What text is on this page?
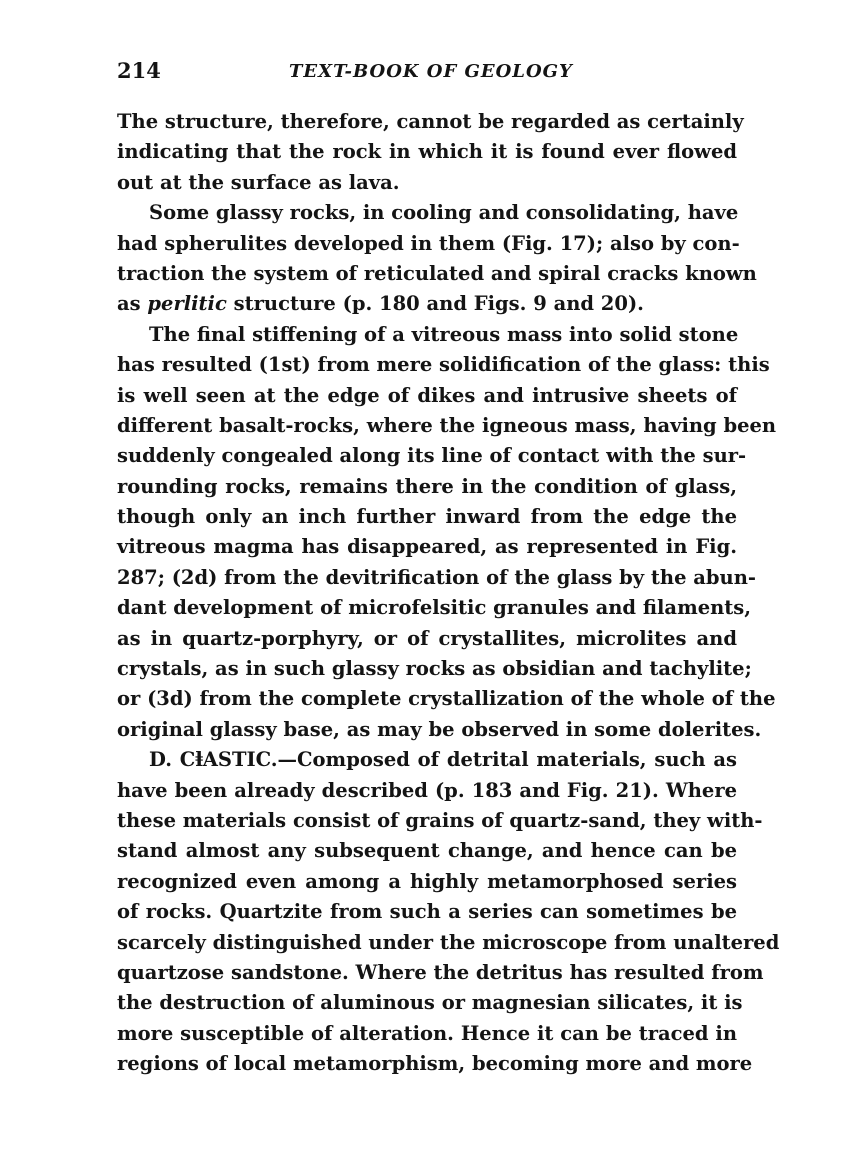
214	TEXT-BOOK OF GEOLOGY
The structure, therefore, cannot be regarded as certainly
indicating that the rock in which it is found ever flowed
out at the surface as lava.
Some glassy rocks, in cooling and consolidating, have
had spherulites developed in them (Fig. 17); also by con-
traction the system of reticulated and spiral cracks known
as perlitic structure (p. 180 and Figs. 9 and 20).
The final stiffening of a vitreous mass into solid stone
has resulted (1st) from mere solidification of the glass: this
is well seen at the edge of dikes and intrusive sheets of
different basalt-rocks, where the igneous mass, having been
suddenly congealed along its line of contact with the sur-
rounding rocks, remains there in the condition of glass,
though only an inch further inward from the edge the
vitreous magma has disappeared, as represented in Fig.
287; (2d) from the devitrification of the glass by the abun-
dant development of microfelsitic granules and filaments,
as in quartz-porphyry, or of crystallites, microlites and
crystals, as in such glassy rocks as obsidian and tachylite;
or (3d) from the complete crystallization of the whole of the
original glassy base, as may be observed in some dolerites.
D. CⱡASTIC.—Composed of detrital materials, such as
have been already described (p. 183 and Fig. 21). Where
these materials consist of grains of quartz-sand, they with-
stand almost any subsequent change, and hence can be
recognized even among a highly metamorphosed series
of rocks. Quartzite from such a series can sometimes be
scarcely distinguished under the microscope from unaltered
quartzose sandstone. Where the detritus has resulted from
the destruction of aluminous or magnesian silicates, it is
more susceptible of alteration. Hence it can be traced in
regions of local metamorphism, becoming more and more
